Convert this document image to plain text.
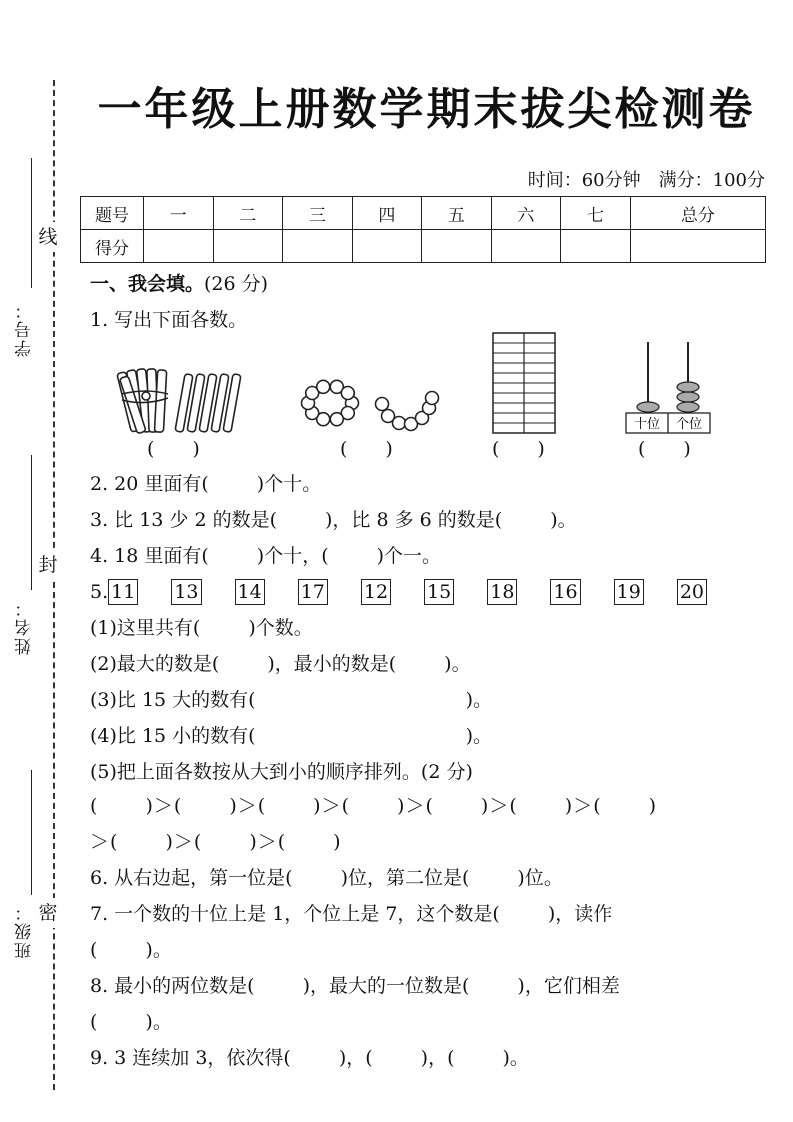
线
封
密
学号：
姓名：
班级：
一年级上册数学期末拔尖检测卷
时间：60分钟 满分：100分
题号	一	二	三	四	五	六	七	总分
得分								
一、我会填。(26 分)
1. 写出下面各数。
十位 个位
(　　)	(　　)	(　　)	(　　)
2. 20 里面有(	)个十。
3. 比 13 少 2 的数是(	)，比 8 多 6 的数是(	)。
4. 18 里面有(	)个十，(	)个一。
5. 11 13 14 17 12 15 18 16 19 20
(1)这里共有(	)个数。
(2)最大的数是(	)，最小的数是(	)。
(3)比 15 大的数有(	)。
(4)比 15 小的数有(	)。
(5)把上面各数按从大到小的顺序排列。(2 分)
(　　 )＞(　　 )＞(　　 )＞(　　 )＞(　　 )＞(　　 )＞(　　 )
＞(　　 )＞(　　 )＞(　　 )
6. 从右边起，第一位是(	)位，第二位是(	)位。
7. 一个数的十位上是 1，个位上是 7，这个数是(	)，读作
(	)。
8. 最小的两位数是(	)，最大的一位数是(	)，它们相差
(	)。
9. 3 连续加 3，依次得(	)，(	)，(	)。
